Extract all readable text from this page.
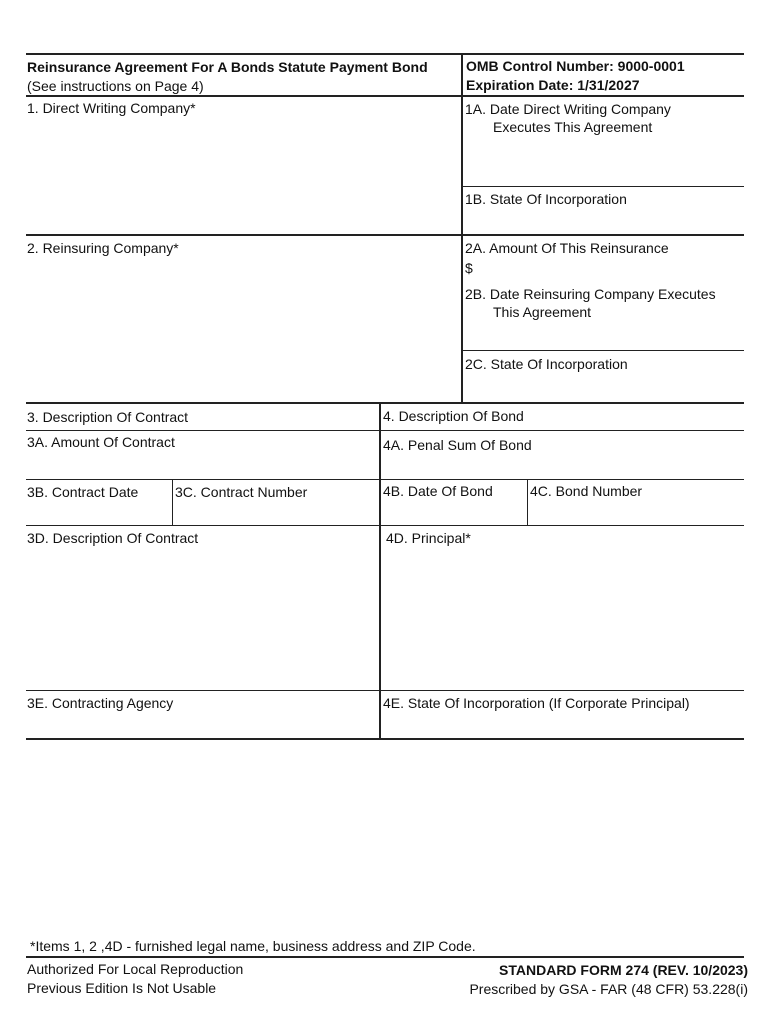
Reinsurance Agreement For A Bonds Statute Payment Bond
(See instructions on Page 4)
OMB Control Number: 9000-0001
Expiration Date: 1/31/2027
1. Direct Writing Company*	1A. Date Direct Writing Company
Executes This Agreement
1B. State Of Incorporation
2. Reinsuring Company*	2A. Amount Of This Reinsurance
$
2B. Date Reinsuring Company Executes
This Agreement
2C. State Of Incorporation
3. Description Of Contract
3A. Amount Of Contract
3B. Contract Date	3C. Contract Number
3D. Description Of Contract
3E. Contracting Agency
4. Description Of Bond
4A. Penal Sum Of Bond
4B. Date Of Bond	4C. Bond Number
4D. Principal*
4E. State Of Incorporation (If Corporate Principal)
*Items 1, 2 ,4D - furnished legal name, business address and ZIP Code.
Authorized For Local Reproduction
Previous Edition Is Not Usable
STANDARD FORM 274 (REV. 10/2023)
Prescribed by GSA - FAR (48 CFR) 53.228(i)
